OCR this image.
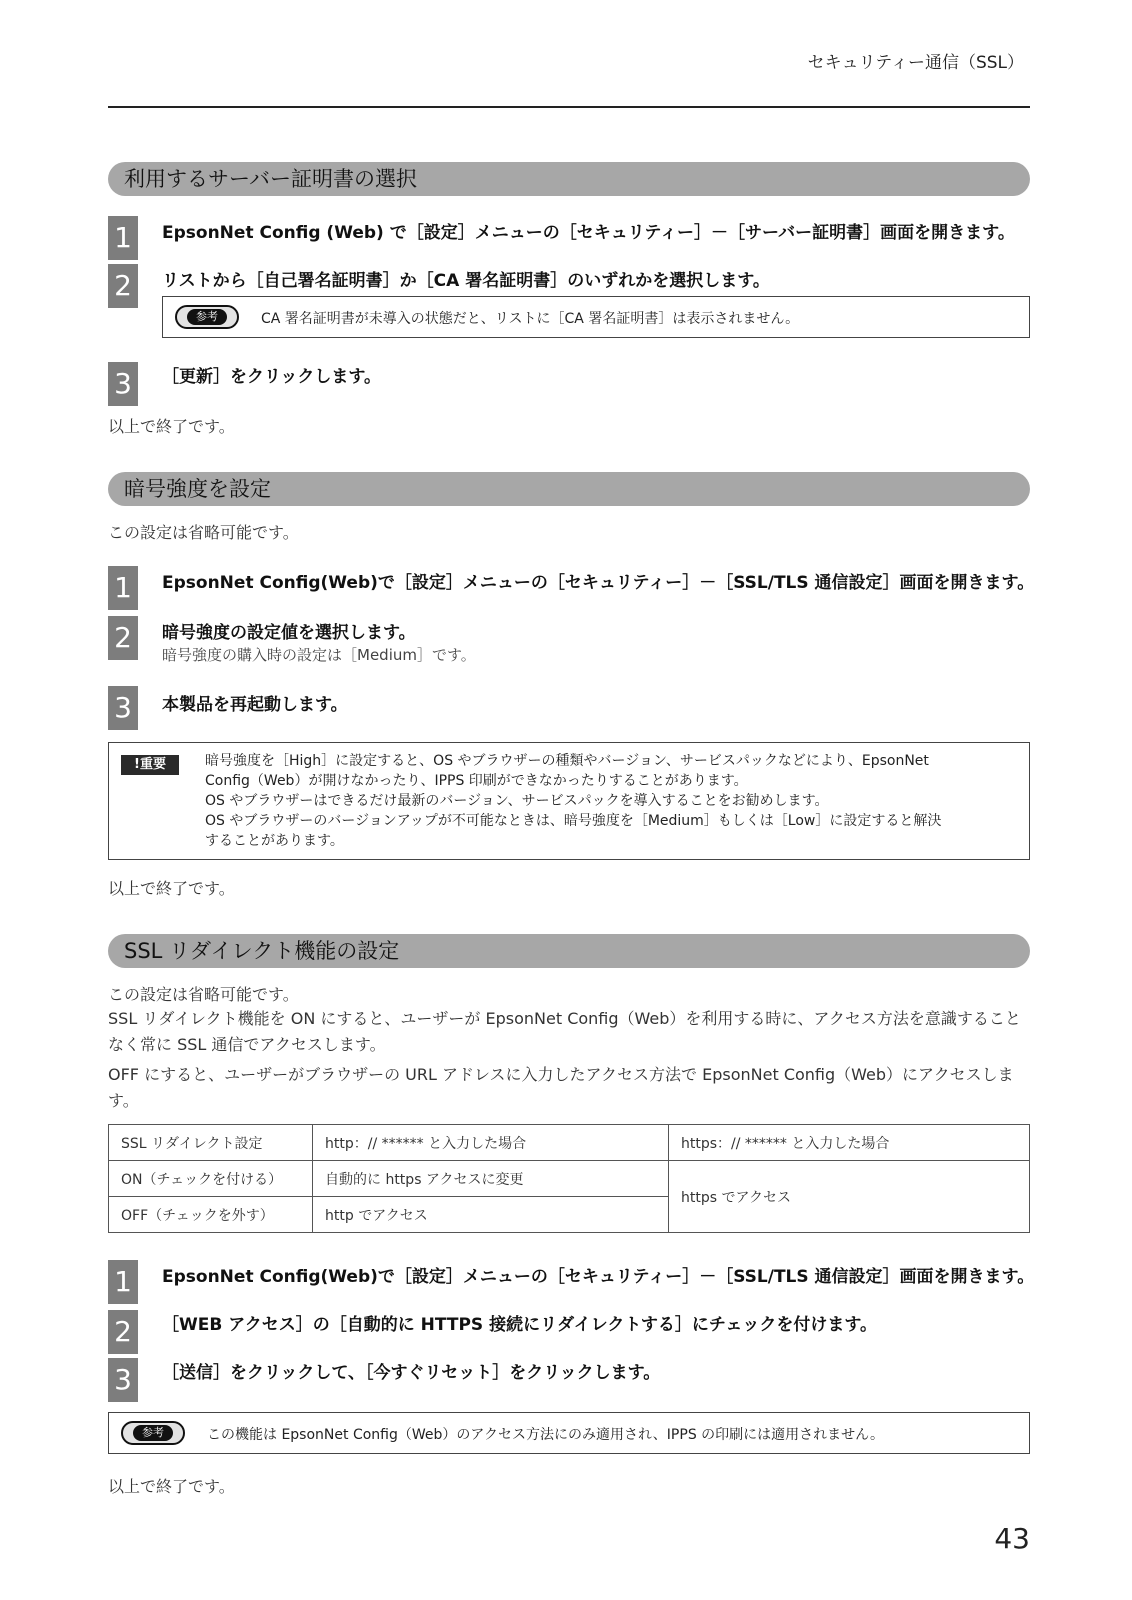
セキュリティー通信（SSL）
利用するサーバー証明書の選択
1	EpsonNet Config (Web) で［設定］メニューの［セキュリティー］－［サーバー証明書］画面を開きます。
2	リストから［自己署名証明書］か［CA 署名証明書］のいずれかを選択します。
参考	CA 署名証明書が未導入の状態だと、リストに［CA 署名証明書］は表示されません。
3	［更新］をクリックします。
以上で終了です。
暗号強度を設定
この設定は省略可能です。
1	EpsonNet Config(Web)で［設定］メニューの［セキュリティー］－［SSL/TLS 通信設定］画面を開きます。
2	暗号強度の設定値を選択します。
暗号強度の購入時の設定は［Medium］です。
3	本製品を再起動します。
!重要	暗号強度を［High］に設定すると、OS やブラウザーの種類やバージョン、サービスパックなどにより、EpsonNet
Config（Web）が開けなかったり、IPPS 印刷ができなかったりすることがあります。
OS やブラウザーはできるだけ最新のバージョン、サービスパックを導入することをお勧めします。
OS やブラウザーのバージョンアップが不可能なときは、暗号強度を［Medium］もしくは［Low］に設定すると解決
することがあります。
以上で終了です。
SSL リダイレクト機能の設定
この設定は省略可能です。
SSL リダイレクト機能を ON にすると、ユーザーが EpsonNet Config（Web）を利用する時に、アクセス方法を意識することなく常に SSL 通信でアクセスします。
OFF にすると、ユーザーがブラウザーの URL アドレスに入力したアクセス方法で EpsonNet Config（Web）にアクセスします。
SSL リダイレクト設定	http：// ****** と入力した場合	https：// ****** と入力した場合
ON（チェックを付ける）	自動的に https アクセスに変更	https でアクセス
OFF（チェックを外す）	http でアクセス	
1	EpsonNet Config(Web)で［設定］メニューの［セキュリティー］－［SSL/TLS 通信設定］画面を開きます。
2	［WEB アクセス］の［自動的に HTTPS 接続にリダイレクトする］にチェックを付けます。
3	［送信］をクリックして、［今すぐリセット］をクリックします。
参考	この機能は EpsonNet Config（Web）のアクセス方法にのみ適用され、IPPS の印刷には適用されません。
以上で終了です。
43
